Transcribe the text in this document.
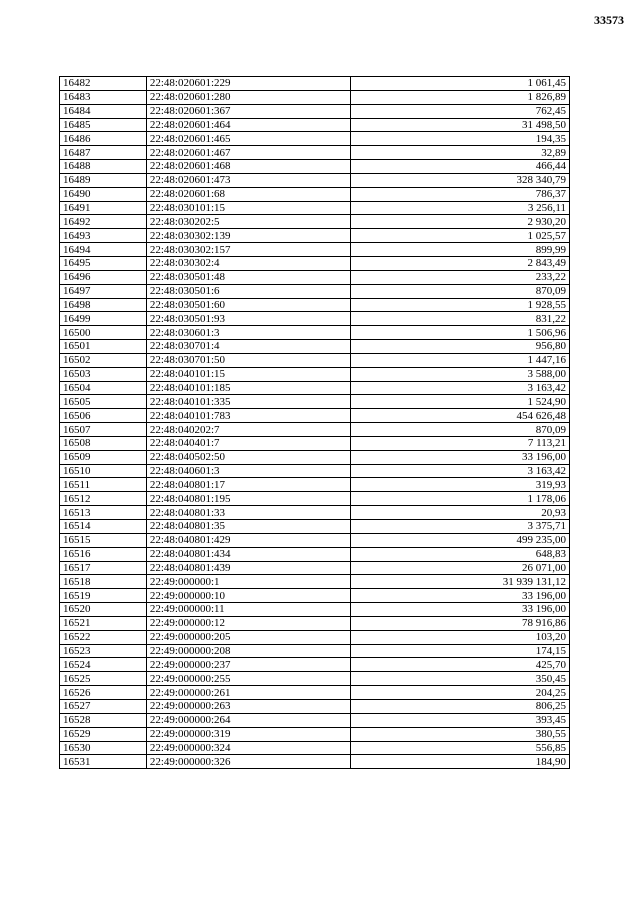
33573
16482	22:48:020601:229	1 061,45
16483	22:48:020601:280	1 826,89
16484	22:48:020601:367	762,45
16485	22:48:020601:464	31 498,50
16486	22:48:020601:465	194,35
16487	22:48:020601:467	32,89
16488	22:48:020601:468	466,44
16489	22:48:020601:473	328 340,79
16490	22:48:020601:68	786,37
16491	22:48:030101:15	3 256,11
16492	22:48:030202:5	2 930,20
16493	22:48:030302:139	1 025,57
16494	22:48:030302:157	899,99
16495	22:48:030302:4	2 843,49
16496	22:48:030501:48	233,22
16497	22:48:030501:6	870,09
16498	22:48:030501:60	1 928,55
16499	22:48:030501:93	831,22
16500	22:48:030601:3	1 506,96
16501	22:48:030701:4	956,80
16502	22:48:030701:50	1 447,16
16503	22:48:040101:15	3 588,00
16504	22:48:040101:185	3 163,42
16505	22:48:040101:335	1 524,90
16506	22:48:040101:783	454 626,48
16507	22:48:040202:7	870,09
16508	22:48:040401:7	7 113,21
16509	22:48:040502:50	33 196,00
16510	22:48:040601:3	3 163,42
16511	22:48:040801:17	319,93
16512	22:48:040801:195	1 178,06
16513	22:48:040801:33	20,93
16514	22:48:040801:35	3 375,71
16515	22:48:040801:429	499 235,00
16516	22:48:040801:434	648,83
16517	22:48:040801:439	26 071,00
16518	22:49:000000:1	31 939 131,12
16519	22:49:000000:10	33 196,00
16520	22:49:000000:11	33 196,00
16521	22:49:000000:12	78 916,86
16522	22:49:000000:205	103,20
16523	22:49:000000:208	174,15
16524	22:49:000000:237	425,70
16525	22:49:000000:255	350,45
16526	22:49:000000:261	204,25
16527	22:49:000000:263	806,25
16528	22:49:000000:264	393,45
16529	22:49:000000:319	380,55
16530	22:49:000000:324	556,85
16531	22:49:000000:326	184,90
